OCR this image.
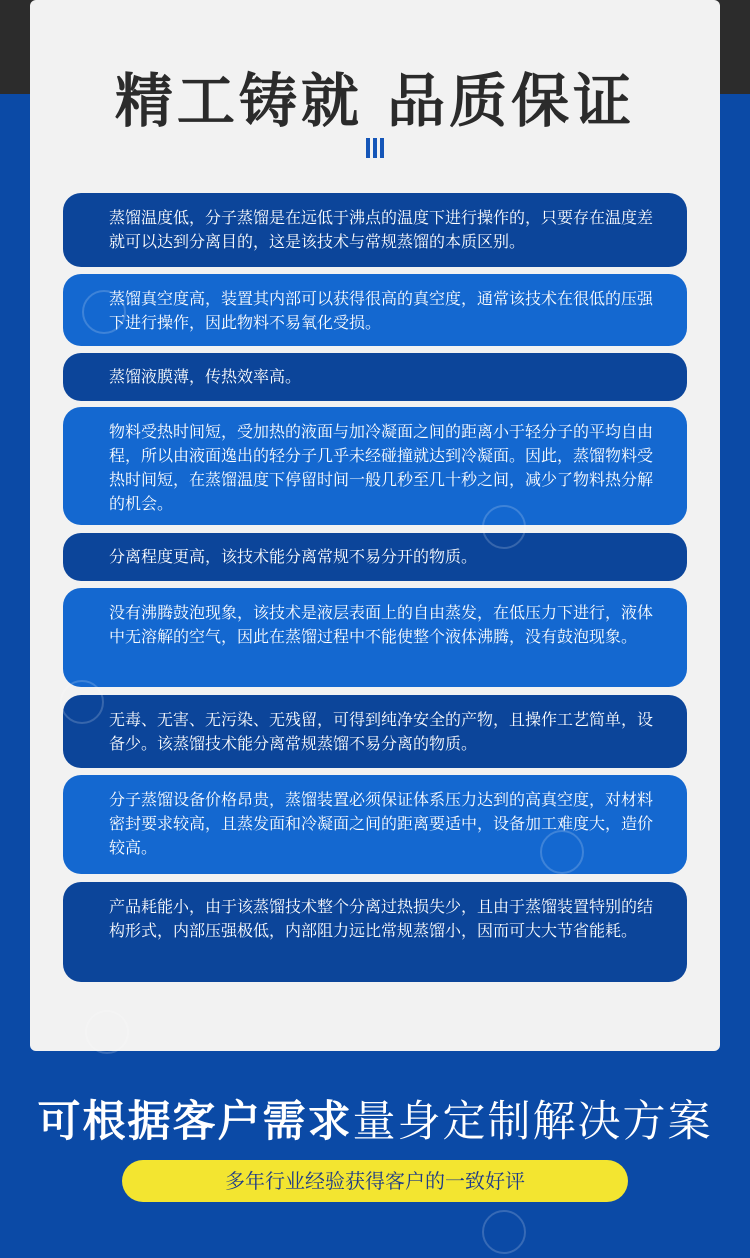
精工铸就 品质保证
蒸馏温度低，分子蒸馏是在远低于沸点的温度下进行操作的，只要存在温度差就可以达到分离目的，这是该技术与常规蒸馏的本质区别。
蒸馏真空度高，装置其内部可以获得很高的真空度，通常该技术在很低的压强下进行操作，因此物料不易氧化受损。
蒸馏液膜薄，传热效率高。
物料受热时间短，受加热的液面与加冷凝面之间的距离小于轻分子的平均自由程，所以由液面逸出的轻分子几乎未经碰撞就达到冷凝面。因此，蒸馏物料受热时间短，在蒸馏温度下停留时间一般几秒至几十秒之间，减少了物料热分解的机会。
分离程度更高，该技术能分离常规不易分开的物质。
没有沸腾鼓泡现象，该技术是液层表面上的自由蒸发，在低压力下进行，液体中无溶解的空气，因此在蒸馏过程中不能使整个液体沸腾，没有鼓泡现象。
无毒、无害、无污染、无残留，可得到纯净安全的产物，且操作工艺简单，设备少。该蒸馏技术能分离常规蒸馏不易分离的物质。
分子蒸馏设备价格昂贵，蒸馏装置必须保证体系压力达到的高真空度，对材料密封要求较高，且蒸发面和冷凝面之间的距离要适中，设备加工难度大，造价较高。
产品耗能小，由于该蒸馏技术整个分离过热损失少，且由于蒸馏装置特别的结构形式，内部压强极低，内部阻力远比常规蒸馏小，因而可大大节省能耗。
可根据客户需求量身定制解决方案
多年行业经验获得客户的一致好评
